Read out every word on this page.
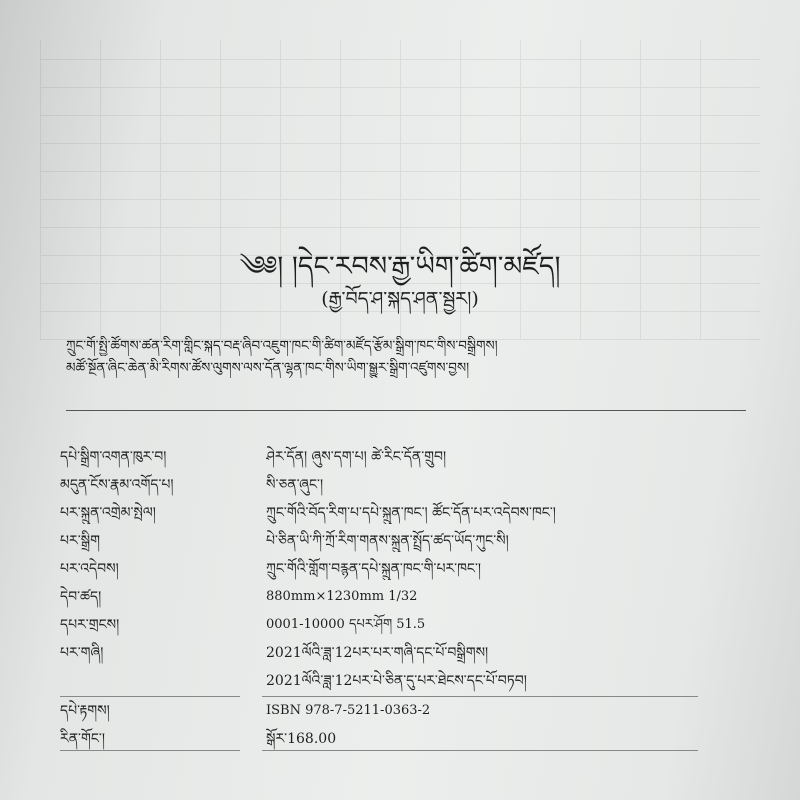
༄༅། །དེང་རབས་རྒྱ་ཡིག་ཚིག་མཛོད།
(རྒྱ་བོད་ཤ་སྐད་ཤན་སྦྱར།)
ཀྲུང་གོ་སྤྱི་ཚོགས་ཚན་རིག་གླིང་སྐད་བརྡ་ཞིབ་འཇུག་ཁང་གི་ཚིག་མཛོད་རྩོམ་སྒྲིག་ཁང་གིས་བསྒྲིགས།
མཚོ་སྔོན་ཞིང་ཆེན་མི་རིགས་ཚོས་ལུགས་ལས་དོན་ལྷན་ཁང་གིས་ཡིག་སྒྱུར་སྒྲིག་འཛུགས་བྱས།
དཔེ་སྒྲིག་འགན་ཁུར་བ།	ཤེར་དོན། ཞུས་དག་པ། ཚེ་རིང་དོན་གྲུབ།
མདུན་ངོས་རྣམ་འགོད་པ།	སི་ཅན་ཞུང་།
པར་སྐྲུན་འགྲེམ་སྤེལ།	ཀྲུང་གོའི་བོད་རིག་པ་དཔེ་སྐྲུན་ཁང་། ཚོང་དོན་པར་འདེབས་ཁང་།
པར་སྒྲིག	པེ་ཅིན་ཡི་ཀི་ཀྲོ་རིག་གནས་སྐྲུན་སྤྲོད་ཚད་ཡོད་ཀུང་སི།
པར་འདེབས།	ཀྲུང་གོའི་གློག་བརྙན་དཔེ་སྐྲུན་ཁང་གི་པར་ཁང་།
དེབ་ཚད།	880mm×1230mm 1/32
དཔར་གྲངས།	0001-10000 དཔར་ཤོག 51.5
པར་གཞི།	2021ལོའི་ཟླ་12པར་པར་གཞི་དང་པོ་བསྒྲིགས།
2021ལོའི་ཟླ་12པར་པེ་ཅིན་དུ་པར་ཐེངས་དང་པོ་བཏབ།
དཔེ་རྟགས།	ISBN 978-7-5211-0363-2
རིན་གོང་།	སྒོར་168.00
